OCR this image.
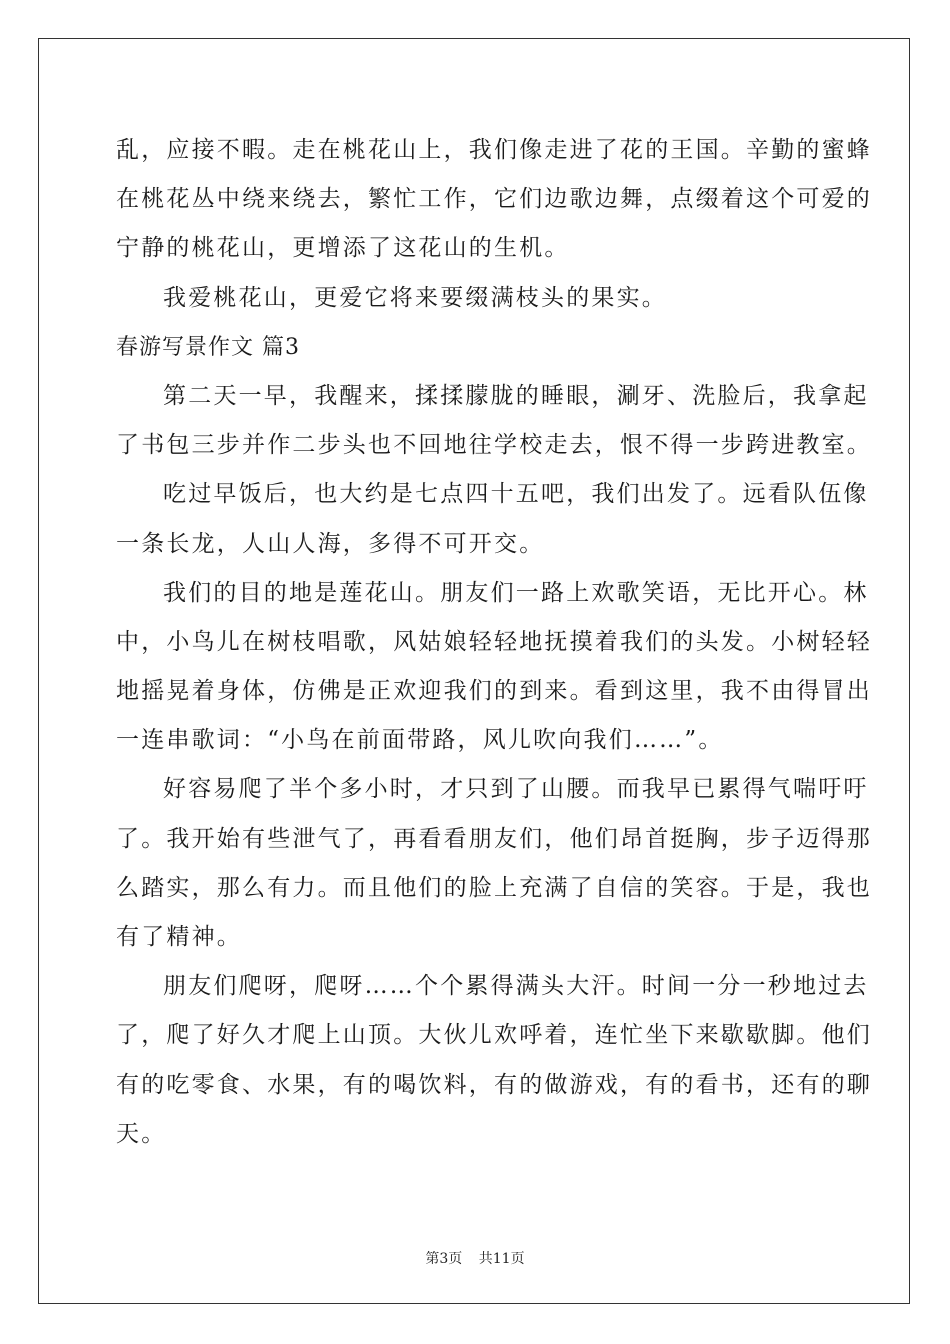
乱，应接不暇。走在桃花山上，我们像走进了花的王国。辛勤的蜜蜂
在桃花丛中绕来绕去，繁忙工作，它们边歌边舞，点缀着这个可爱的
宁静的桃花山，更增添了这花山的生机。
我爱桃花山，更爱它将来要缀满枝头的果实。
春游写景作文 篇3
第二天一早，我醒来，揉揉朦胧的睡眼，涮牙、洗脸后，我拿起
了书包三步并作二步头也不回地往学校走去，恨不得一步跨进教室。
吃过早饭后，也大约是七点四十五吧，我们出发了。远看队伍像
一条长龙，人山人海，多得不可开交。
我们的目的地是莲花山。朋友们一路上欢歌笑语，无比开心。林
中，小鸟儿在树枝唱歌，风姑娘轻轻地抚摸着我们的头发。小树轻轻
地摇晃着身体，仿佛是正欢迎我们的到来。看到这里，我不由得冒出
一连串歌词：“小鸟在前面带路，风儿吹向我们……”。
好容易爬了半个多小时，才只到了山腰。而我早已累得气喘吁吁
了。我开始有些泄气了，再看看朋友们，他们昂首挺胸，步子迈得那
么踏实，那么有力。而且他们的脸上充满了自信的笑容。于是，我也
有了精神。
朋友们爬呀，爬呀……个个累得满头大汗。时间一分一秒地过去
了，爬了好久才爬上山顶。大伙儿欢呼着，连忙坐下来歇歇脚。他们
有的吃零食、水果，有的喝饮料，有的做游戏，有的看书，还有的聊
天。
第3页 共11页
